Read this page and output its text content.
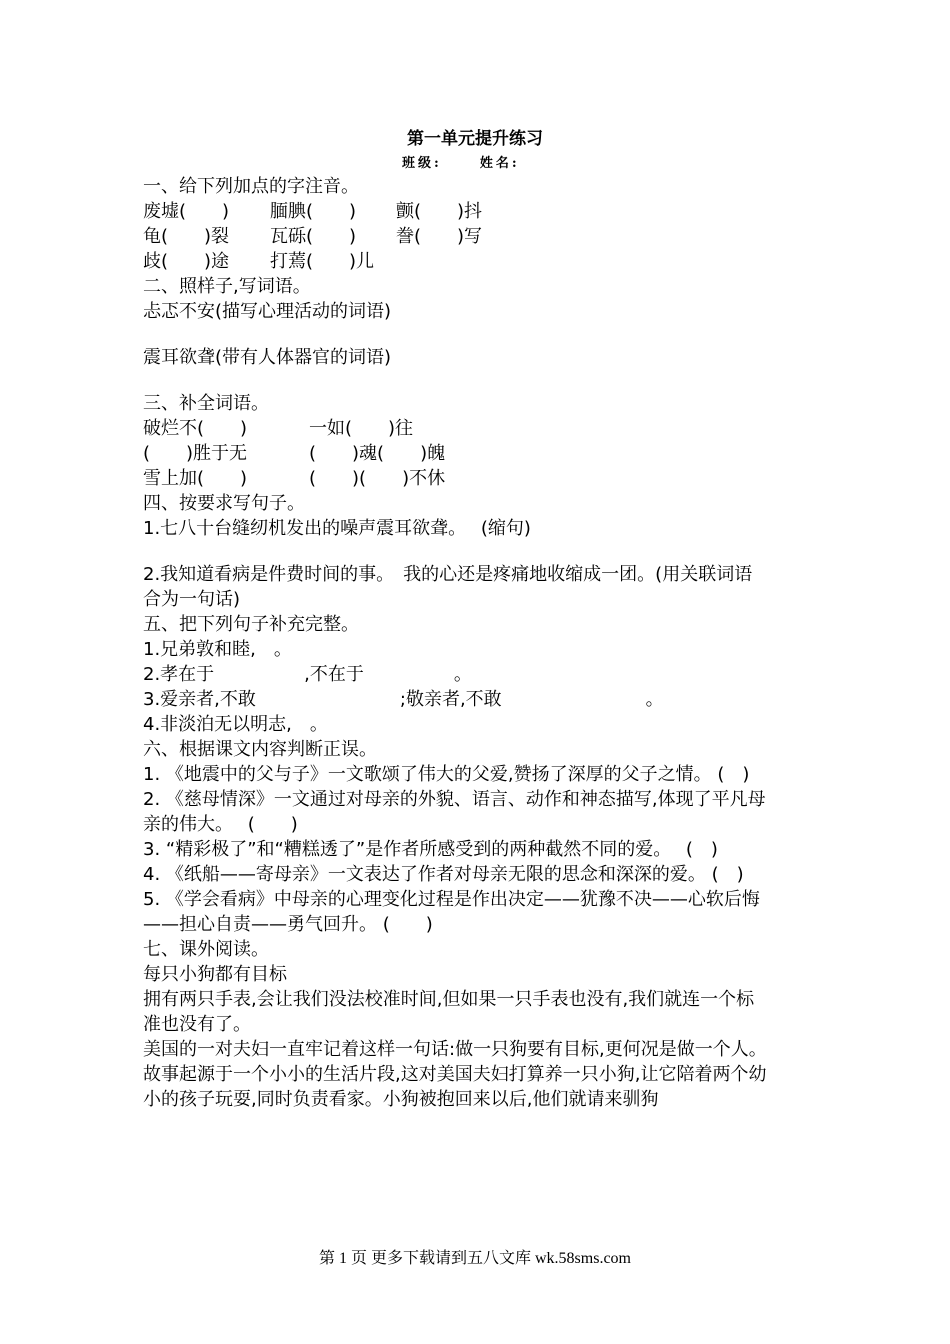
第一单元提升练习
班级:	姓名:
一、给下列加点的字注音。
废墟(　　) 腼腆(　　) 颤(　　)抖
龟(　　)裂 瓦砾(　　) 誊(　　)写
歧(　　)途 打蔫(　　)儿
二、照样子,写词语。
忐忑不安(描写心理活动的词语)
震耳欲聋(带有人体器官的词语)
三、补全词语。
破烂不(　　)	一如(　　)往
(　　)胜于无	(　　)魂(　　)魄
雪上加(　　)	(　　)(　　)不休
四、按要求写句子。
1.七八十台缝纫机发出的噪声震耳欲聋。　 (缩句)
2.我知道看病是件费时间的事。　我的心还是疼痛地收缩成一团。(用关联词语合为一句话)
五、把下列句子补充完整。
1.兄弟敦和睦,　。
2.孝在于　　　　　,不在于　　　　　。
3.爱亲者,不敢　　　　　　　　;敬亲者,不敢　　　　　　　　。
4.非淡泊无以明志,　。
六、根据课文内容判断正误。
1. 《地震中的父与子》一文歌颂了伟大的父爱,赞扬了深厚的父子之情。 (　)
2. 《慈母情深》一文通过对母亲的外貌、语言、动作和神态描写,体现了平凡母亲的伟大。　 (　　)
3. “精彩极了”和“糟糕透了”是作者所感受到的两种截然不同的爱。　 (　)
4. 《纸船——寄母亲》一文表达了作者对母亲无限的思念和深深的爱。 (　)
5. 《学会看病》中母亲的心理变化过程是作出决定——犹豫不决——心软后悔——担心自责——勇气回升。 (　　)
七、课外阅读。
每只小狗都有目标
拥有两只手表,会让我们没法校准时间,但如果一只手表也没有,我们就连一个标准也没有了。
美国的一对夫妇一直牢记着这样一句话:做一只狗要有目标,更何况是做一个人。
故事起源于一个小小的生活片段,这对美国夫妇打算养一只小狗,让它陪着两个幼小的孩子玩耍,同时负责看家。小狗被抱回来以后,他们就请来驯狗
第 1 页 更多下载请到五八文库 wk.58sms.com
